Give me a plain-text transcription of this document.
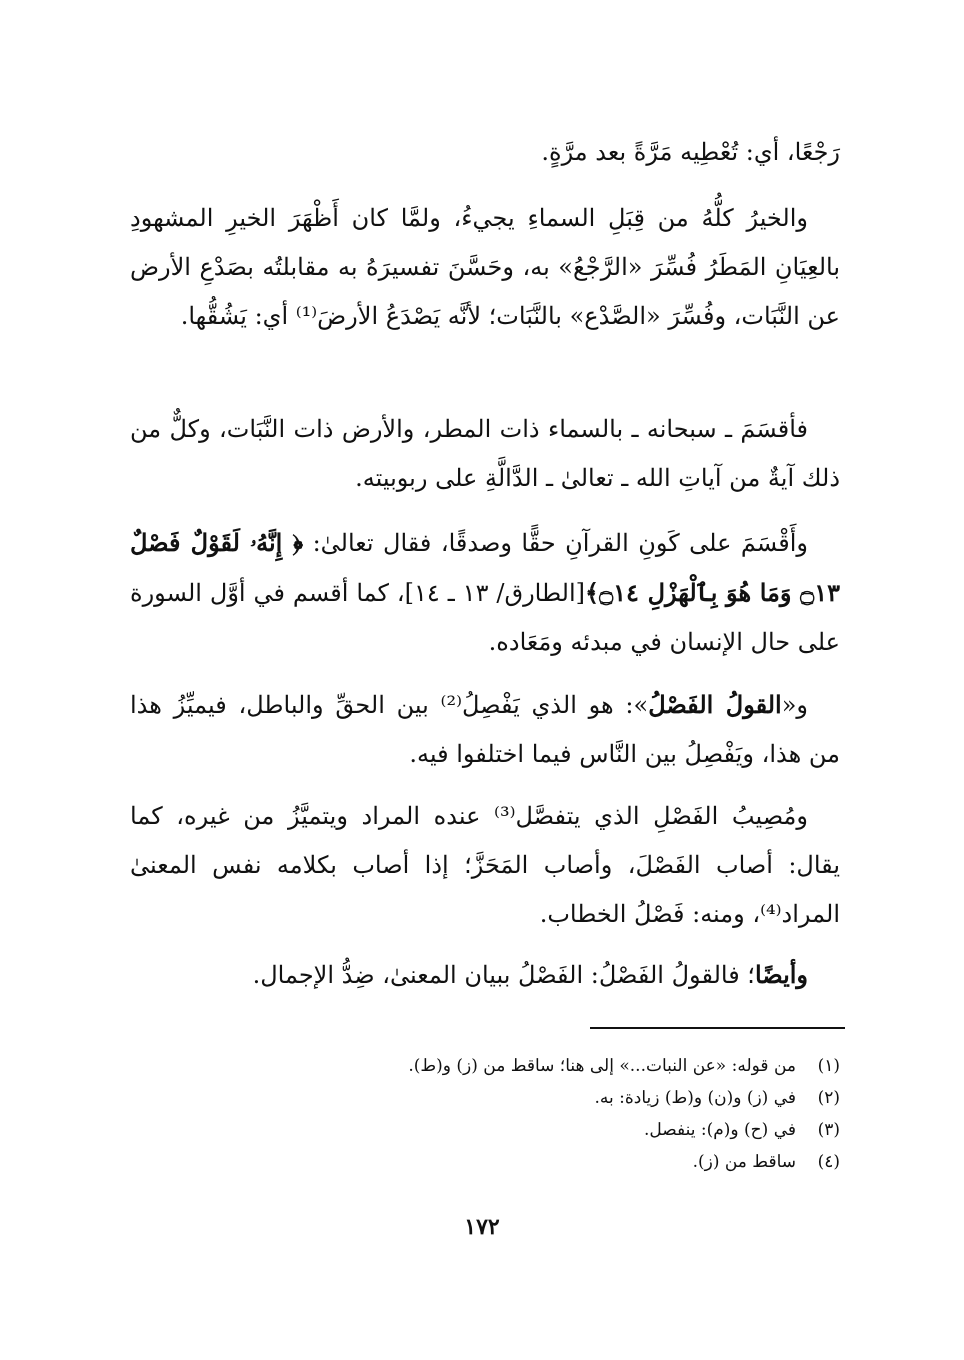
رَجْعًا، أي: تُعْطِيه مَرَّةً بعد مرَّةٍ.

والخيرُ كلُّهُ من قِبَلِ السماءِ يجيءُ، ولمَّا كان أَظْهَرَ الخيرِ المشهودِ بالعِيَانِ المَطَرُ فُسِّرَ «الرَّجْعُ» به، وحَسَّنَ تفسيرَهُ به مقابلتُه بصَدْعِ الأرض عن النَّبَات، وفُسِّرَ «الصَّدْع» بالنَّبَات؛ لأنَّه يَصْدَعُ الأرضَ⁽¹⁾ أي: يَشُقُّها.

فأقسَمَ ـ سبحانه ـ بالسماء ذات المطر، والأرض ذات النَّبَات، وكلٌّ من ذلك آيةٌ من آياتِ الله ـ تعالىٰ ـ الدَّالَّةِ على ربوبيته.

وأَقْسَمَ على كَونِ القرآنِ حقًّا وصدقًا، فقال تعالىٰ: ﴿ إِنَّهُۥ لَقَوْلٌ فَصْلٌ ۝١٣ وَمَا هُوَ بِٱلْهَزْلِ ۝١٤﴾[الطارق/ ١٣ ـ ١٤]، كما أقسم في أوَّل السورة على حال الإنسان في مبدئه ومَعَاده.

و«القولُ الفَصْلُ»: هو الذي يَفْصِلُ⁽²⁾ بين الحقِّ والباطل، فيميِّزُ هذا من هذا، ويَفْصِلُ بين النَّاس فيما اختلفوا فيه.

ومُصِيبُ الفَصْلِ الذي يتفصَّل⁽³⁾ عنده المراد ويتميَّزُ من غيره، كما يقال: أصاب الفَصْلَ، وأصاب المَحَزَّ؛ إذا أصاب بكلامه نفس المعنىٰ المراد⁽⁴⁾، ومنه: فَصْلُ الخطاب.

وأيضًا؛ فالقولُ الفَصْلُ: الفَصْلُ ببيان المعنىٰ، ضِدُّ الإجمال.

(١)من قوله: «عن النبات...» إلى هنا؛ ساقط من (ز) و(ط).

(٢)في (ز) و(ن) و(ط) زيادة: به.

(٣)في (ح) و(م): ينفصل.

(٤)ساقط من (ز).

١٧٢
